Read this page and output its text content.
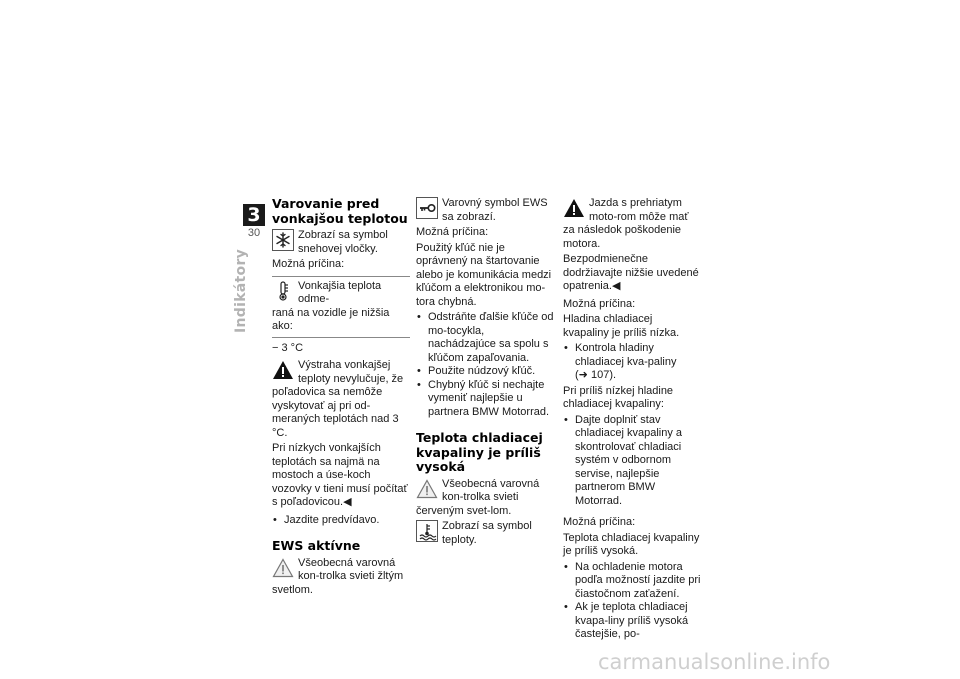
3
30
Indikátory
Varovanie pred vonkajšou teplotou
Zobrazí sa symbol snehovej vločky.

Možná príčina:

Vonkajšia teplota odme-
raná na vozidle je nižšia
ako:
− 3 °C
Výstraha vonkajšej teploty nevylučuje, že poľadovica sa nemôže vyskytovať aj pri od-meraných teplotách nad 3 °C.

Pri nízkych vonkajších teplotách sa najmä na mostoch a úse-koch vozovky v tieni musí počítať s poľadovicou.◀

• Jazdite predvídavo.
EWS aktívne
Všeobecná varovná kon-trolka svieti žltým svetlom.
Varovný symbol EWS sa zobrazí.

Možná príčina:

Použitý kľúč nie je oprávnený na štartovanie alebo je komunikácia medzi kľúčom a elektronikou mo-tora chybná.

• Odstráňte ďalšie kľúče od mo-tocykla, nachádzajúce sa spolu s kľúčom zapaľovania.
• Použite núdzový kľúč.
• Chybný kľúč si nechajte vymeniť najlepšie u partnera BMW Motorrad.
Teplota chladiacej kvapaliny je príliš vysoká
Všeobecná varovná kon-trolka svieti červeným svet-lom.
Zobrazí sa symbol teploty.
Jazda s prehriatym moto-rom môže mať za následok poškodenie motora.

Bezpodmienečne dodržiavajte nižšie uvedené opatrenia.◀

Možná príčina:

Hladina chladiacej kvapaliny je príliš nízka.

• Kontrola hladiny chladiacej kva-paliny (➜ 107).

Pri príliš nízkej hladine chladiacej kvapaliny:

• Dajte doplniť stav chladiacej kvapaliny a skontrolovať chladiaci systém v odbornom servise, najlepšie partnerom BMW Motorrad.

Možná príčina:

Teplota chladiacej kvapaliny je príliš vysoká.

• Na ochladenie motora podľa možností jazdite pri čiastočnom zaťažení.
• Ak je teplota chladiacej kvapa-liny príliš vysoká častejšie, po-
carmanualsonline.info
